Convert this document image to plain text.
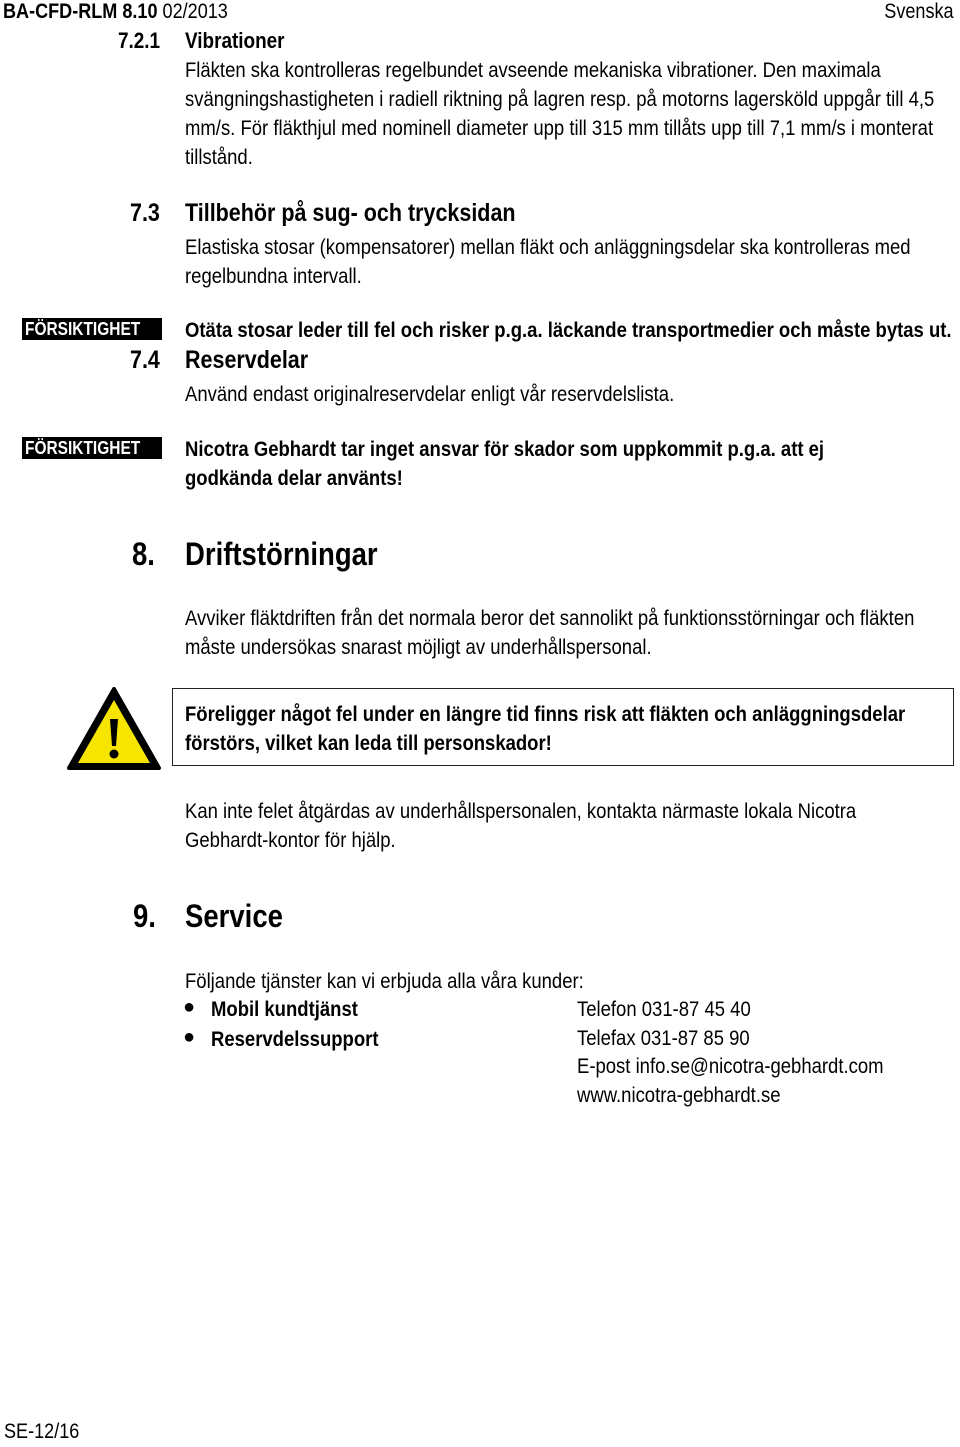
BA-CFD-RLM 8.10 02/2013	Svenska
7.2.1 Vibrationer
Fläkten ska kontrolleras regelbundet avseende mekaniska vibrationer. Den maximala
svängningshastigheten i radiell riktning på lagren resp. på motorns lagersköld uppgår till 4,5
mm/s. För fläkthjul med nominell diameter upp till 315 mm tillåts upp till 7,1 mm/s i monterat
tillstånd.
7.3 Tillbehör på sug- och trycksidan
Elastiska stosar (kompensatorer) mellan fläkt och anläggningsdelar ska kontrolleras med
regelbundna intervall.
FÖRSIKTIGHET	Otäta stosar leder till fel och risker p.g.a. läckande transportmedier och måste bytas ut.
7.4 Reservdelar
Använd endast originalreservdelar enligt vår reservdelslista.
FÖRSIKTIGHET	Nicotra Gebhardt tar inget ansvar för skador som uppkommit p.g.a. att ej
godkända delar använts!
8. Driftstörningar
Avviker fläktdriften från det normala beror det sannolikt på funktionsstörningar och fläkten
måste undersökas snarast möjligt av underhållspersonal.
Föreligger något fel under en längre tid finns risk att fläkten och anläggningsdelar
förstörs, vilket kan leda till personskador!
Kan inte felet åtgärdas av underhållspersonalen, kontakta närmaste lokala Nicotra
Gebhardt-kontor för hjälp.
9. Service
Följande tjänster kan vi erbjuda alla våra kunder:
● Mobil kundtjänst
● Reservdelssupport
Telefon 031-87 45 40
Telefax 031-87 85 90
E-post info.se@nicotra-gebhardt.com
www.nicotra-gebhardt.se
SE-12/16
